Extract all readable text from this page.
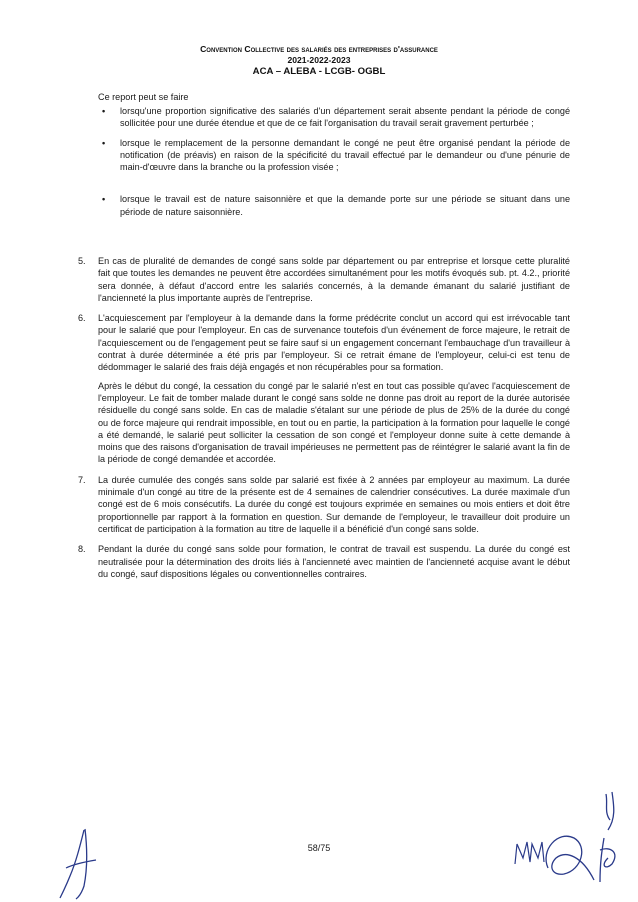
Convention Collective des salariés des entreprises d'assurance
2021-2022-2023
ACA – ALEBA - LCGB- OGBL
Ce report peut se faire
• lorsqu'une proportion significative des salariés d'un département serait absente pendant la période de congé sollicitée pour une durée étendue et que de ce fait l'organisation du travail serait gravement perturbée ;
• lorsque le remplacement de la personne demandant le congé ne peut être organisé pendant la période de notification (de préavis) en raison de la spécificité du travail effectué par le demandeur ou d'une pénurie de main-d'œuvre dans la branche ou la profession visée ;
• lorsque le travail est de nature saisonnière et que la demande porte sur une période se situant dans une période de nature saisonnière.
5. En cas de pluralité de demandes de congé sans solde par département ou par entreprise et lorsque cette pluralité fait que toutes les demandes ne peuvent être accordées simultanément pour les motifs évoqués sub. pt. 4.2., priorité sera donnée, à défaut d'accord entre les salariés concernés, à la demande émanant du salarié justifiant de l'ancienneté la plus importante auprès de l'entreprise.

6. L'acquiescement par l'employeur à la demande dans la forme prédécrite conclut un accord qui est irrévocable tant pour le salarié que pour l'employeur. En cas de survenance toutefois d'un événement de force majeure, le retrait de l'acquiescement ou de l'engagement peut se faire sauf si un engagement concernant l'embauchage d'un travailleur à contrat à durée déterminée a été pris par l'employeur. Si ce retrait émane de l'employeur, celui-ci est tenu de dédommager le salarié des frais déjà engagés et non récupérables pour sa formation.

Après le début du congé, la cessation du congé par le salarié n'est en tout cas possible qu'avec l'acquiescement de l'employeur. Le fait de tomber malade durant le congé sans solde ne donne pas droit au report de la durée autorisée résiduelle du congé sans solde. En cas de maladie s'étalant sur une période de plus de 25% de la durée du congé ou de force majeure qui rendrait impossible, en tout ou en partie, la participation à la formation pour laquelle le congé a été demandé, le salarié peut solliciter la cessation de son congé et l'employeur donne suite à cette demande à moins que des raisons d'organisation de travail impérieuses ne permettent pas de réintégrer le salarié avant la fin de la période de congé demandée et accordée.

7. La durée cumulée des congés sans solde par salarié est fixée à 2 années par employeur au maximum. La durée minimale d'un congé au titre de la présente est de 4 semaines de calendrier consécutives. La durée maximale d'un congé est de 6 mois consécutifs. La durée du congé est toujours exprimée en semaines ou mois entiers et doit être proportionnelle par rapport à la formation en question. Sur demande de l'employeur, le travailleur doit produire un certificat de participation à la formation au titre de laquelle il a bénéficié d'un congé sans solde.

8. Pendant la durée du congé sans solde pour formation, le contrat de travail est suspendu. La durée du congé est neutralisée pour la détermination des droits liés à l'ancienneté avec maintien de l'ancienneté acquise avant le début du congé, sauf dispositions légales ou conventionnelles contraires.

58/75
